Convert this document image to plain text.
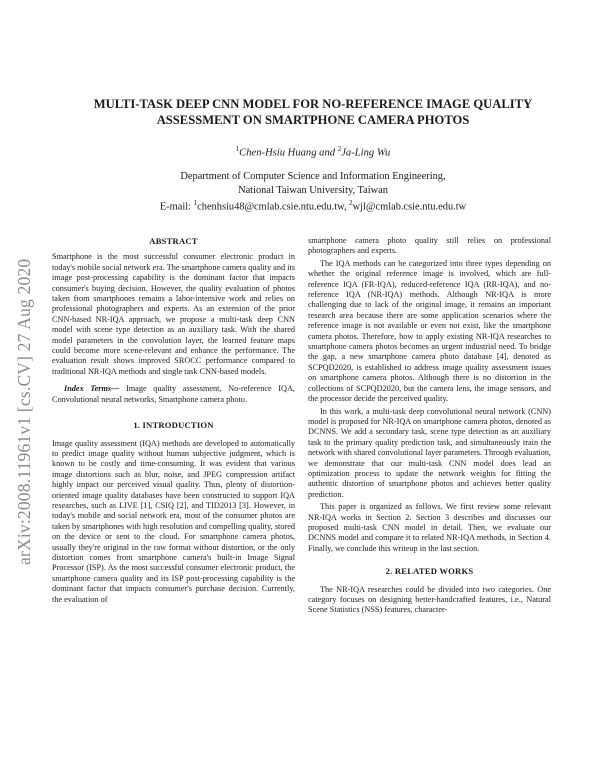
arXiv:2008.11961v1 [cs.CV] 27 Aug 2020
MULTI-TASK DEEP CNN MODEL FOR NO-REFERENCE IMAGE QUALITY
ASSESSMENT ON SMARTPHONE CAMERA PHOTOS
$^1$Chen-Hsiu Huang and $^2$Ja-Ling Wu
Department of Computer Science and Information Engineering,
National Taiwan University, Taiwan
E-mail: $^1$chenhsiu48@cmlab.csie.ntu.edu.tw, $^2$wjl@cmlab.csie.ntu.edu.tw
ABSTRACT

Smartphone is the most successful consumer electronic product in today's mobile social network era. The smartphone camera quality and its image post-processing capability is the dominant factor that impacts consumer's buying decision. However, the quality evaluation of photos taken from smartphones remains a labor-intensive work and relies on professional photographers and experts. As an extension of the prior CNN-based NR-IQA approach, we propose a multi-task deep CNN model with scene type detection as an auxiliary task. With the shared model parameters in the convolution layer, the learned feature maps could become more scene-relevant and enhance the performance. The evaluation result shows improved SROCC performance compared to traditional NR-IQA methods and single task CNN-based models.

Index Terms— Image quality assessment, No-reference IQA, Convolutional neural networks, Smartphone camera photo.

1. INTRODUCTION

Image quality assessment (IQA) methods are developed to automatically to predict image quality without human subjective judgment, which is known to be costly and time-consuming. It was evident that various image distortions such as blur, noise, and JPEG compression artifact highly impact our perceived visual quality. Thus, plenty of distortion-oriented image quality databases have been constructed to support IQA researches, such as LIVE [1], CSIQ [2], and TID2013 [3]. However, in today's mobile and social network era, most of the consumer photos are taken by smartphones with high resolution and compelling quality, stored on the device or sent to the cloud. For smartphone camera photos, usually they're original in the raw format without distortion, or the only distortion comes from smartphone camera's built-in Image Signal Processor (ISP). As the most successful consumer electronic product, the smartphone camera quality and its ISP post-processing capability is the dominant factor that impacts consumer's purchase decision. Currently, the evaluation of

smartphone camera photo quality still relies on professional photographers and experts.

The IQA methods can be categorized into three types depending on whether the original reference image is involved, which are full-reference IQA (FR-IQA), reduced-reference IQA (RR-IQA), and no-reference IQA (NR-IQA) methods. Although NR-IQA is more challenging due to lack of the original image, it remains an important research area because there are some application scenarios where the reference image is not available or even not exist, like the smartphone camera photos. Therefore, how to apply existing NR-IQA researches to smartphone camera photos becomes an urgent industrial need. To bridge the gap, a new smartphone camera photo database [4], denoted as SCPQD2020, is established to address image quality assessment issues on smartphone camera photos. Although there is no distortion in the collections of SCPQD2020, but the camera lens, the image sensors, and the processor decide the perceived quality.

In this work, a multi-task deep convolutional neural network (CNN) model is proposed for NR-IQA on smartphone camera photos, denoted as DCNNS. We add a secondary task, scene type detection as an auxiliary task to the primary quality prediction task, and simultaneously train the network with shared convolutional layer parameters. Through evaluation, we demonstrate that our multi-task CNN model does lead an optimization process to update the network weights for fitting the authentic distortion of smartphone photos and achieves better quality prediction.

This paper is organized as follows. We first review some relevant NR-IQA works in Section 2. Section 3 describes and discusses our proposed multi-task CNN model in detail. Then, we evaluate our DCNNS model and compare it to related NR-IQA methods, in Section 4. Finally, we conclude this writeup in the last section.

2. RELATED WORKS

The NR-IQA researches could be divided into two categories. One category focuses on designing better-handcrafted features, i.e., Natural Scene Statistics (NSS) features, character-
